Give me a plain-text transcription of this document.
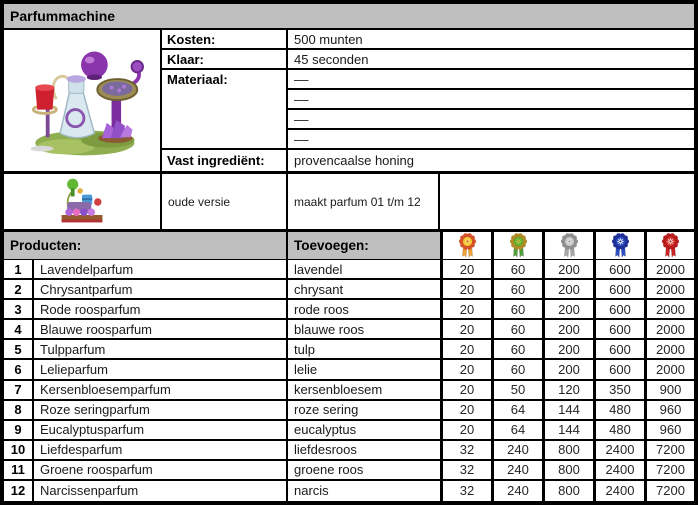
Parfummachine
Kosten:	500 munten
Klaar:	45 seconden
Materiaal:	––
––
––
––
Vast ingrediënt:	provencaalse honing
oude versie	maakt parfum 01 t/m 12
Producten:	Toevoegen:
1	Lavendelparfum	lavendel	20	60	200	600	2000
2	Chrysantparfum	chrysant	20	60	200	600	2000
3	Rode roosparfum	rode roos	20	60	200	600	2000
4	Blauwe roosparfum	blauwe roos	20	60	200	600	2000
5	Tulpparfum	tulp	20	60	200	600	2000
6	Lelieparfum	lelie	20	60	200	600	2000
7	Kersenbloesemparfum	kersenbloesem	20	50	120	350	900
8	Roze seringparfum	roze sering	20	64	144	480	960
9	Eucalyptusparfum	eucalyptus	20	64	144	480	960
10	Liefdesparfum	liefdesroos	32	240	800	2400	7200
11	Groene roosparfum	groene roos	32	240	800	2400	7200
12	Narcissenparfum	narcis	32	240	800	2400	7200
